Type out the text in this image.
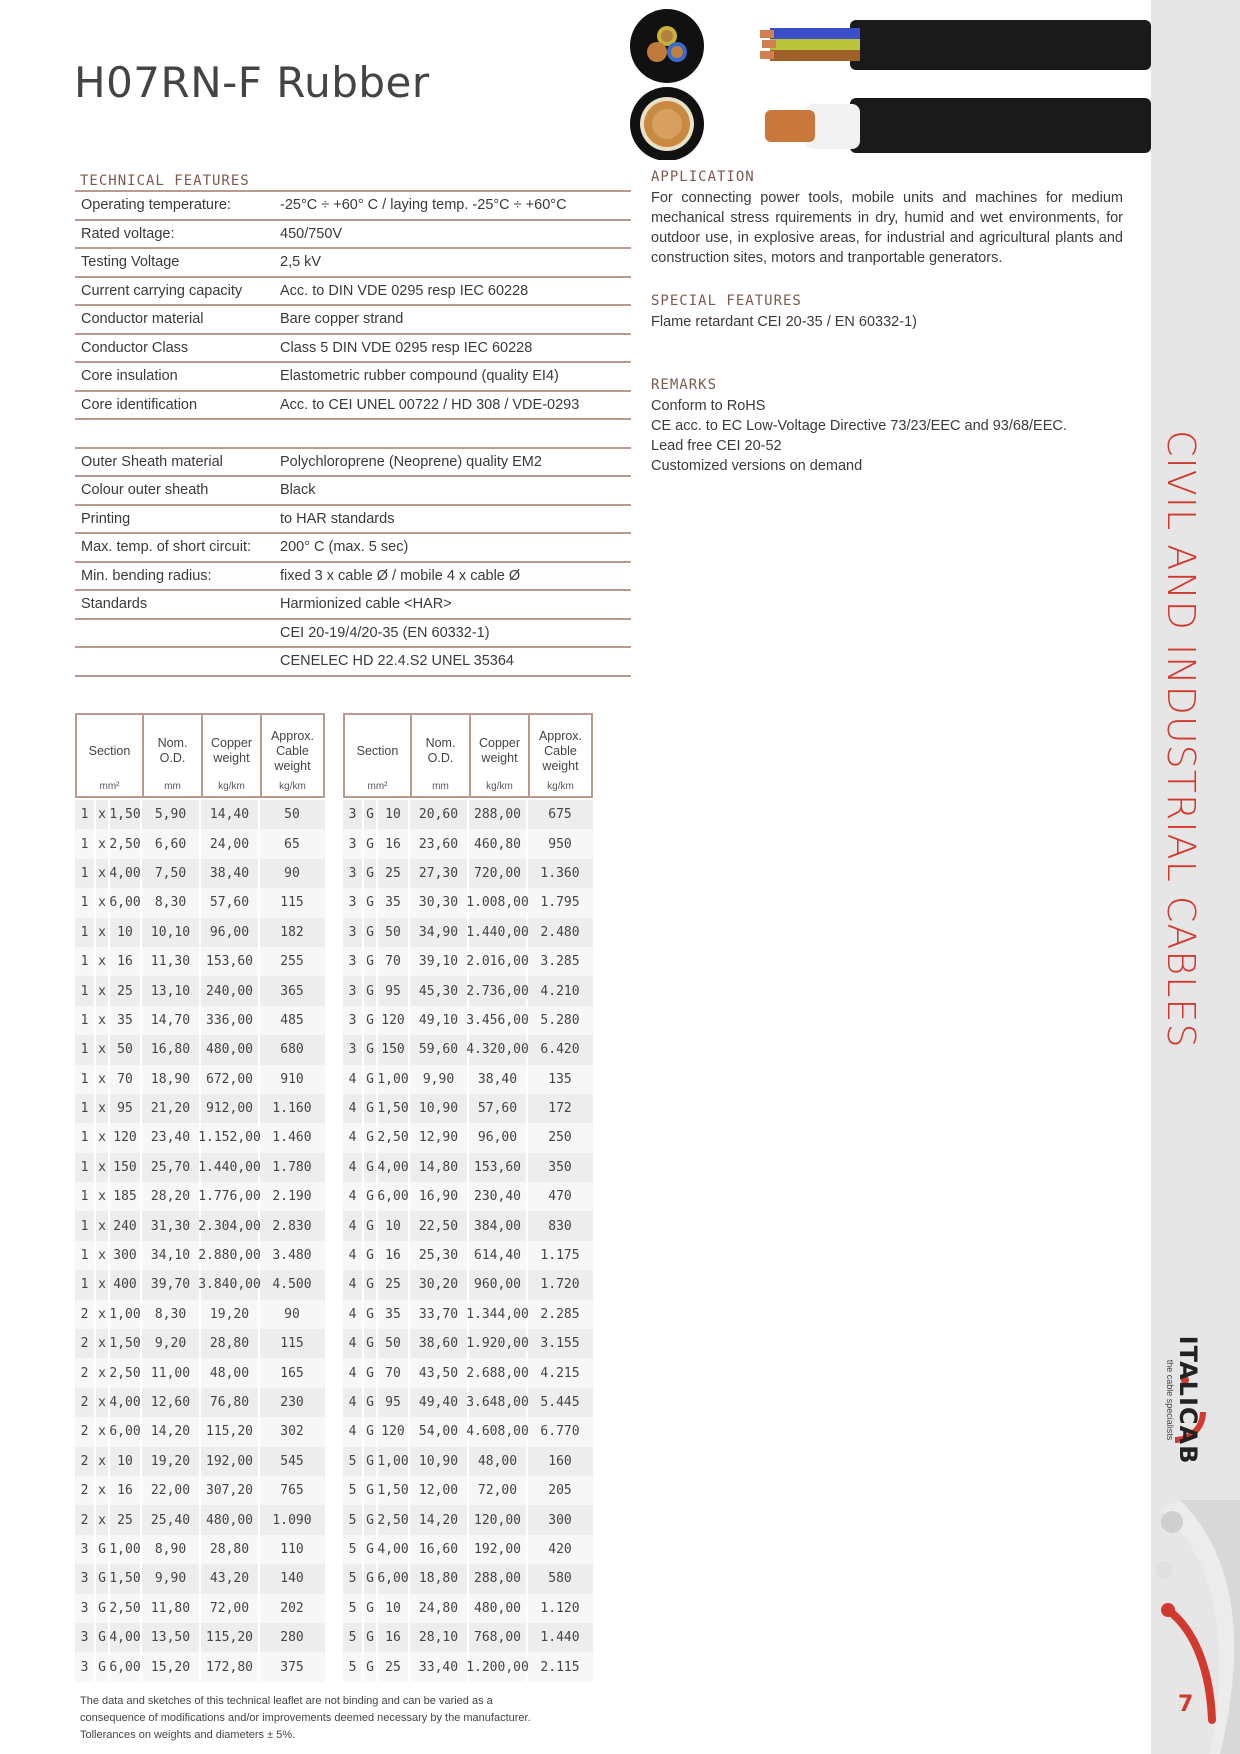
CIVIL AND INDUSTRIAL CABLES
ITALICAB
the cable specialists
7
H07RN-F Rubber
TECHNICAL FEATURES
Operating temperature:	-25°C ÷ +60° C / laying temp. -25°C ÷ +60°C
Rated voltage:	450/750V
Testing Voltage	2,5 kV
Current carrying capacity	Acc. to DIN VDE 0295 resp IEC 60228
Conductor material	Bare copper strand
Conductor Class	Class 5 DIN VDE 0295 resp IEC 60228
Core insulation	Elastometric rubber compound (quality EI4)
Core identification	Acc. to CEI UNEL 00722 / HD 308 / VDE-0293
Outer Sheath material	Polychloroprene (Neoprene) quality EM2
Colour outer sheath	Black
Printing	to HAR standards
Max. temp. of short circuit:	200° C (max. 5 sec)
Min. bending radius:	fixed 3 x cable Ø / mobile 4 x cable Ø
Standards	Harmionized cable <HAR>
CEI 20-19/4/20-35 (EN 60332-1)
CENELEC HD 22.4.S2 UNEL 35364
APPLICATION
For connecting power tools, mobile units and machines for medium mechanical stress rquirements in dry, humid and wet environments, for outdoor use, in explosive areas, for industrial and agricultural plants and construction sites, motors and tranportable generators.
SPECIAL FEATURES
Flame retardant CEI 20-35 / EN 60332-1)
REMARKS
Conform to RoHS
CE acc. to EC Low-Voltage Directive 73/23/EEC and 93/68/EEC.
Lead free CEI 20-52
Customized versions on demand
Section
mm²
Nom. O.D.
mm
Copper weight
kg/km
Approx. Cable weight
kg/km
1 x 1,50	5,90	14,40	50
1 x 2,50	6,60	24,00	65
1 x 4,00	7,50	38,40	90
1 x 6,00	8,30	57,60	115
1 x 10	10,10	96,00	182
1 x 16	11,30	153,60	255
1 x 25	13,10	240,00	365
1 x 35	14,70	336,00	485
1 x 50	16,80	480,00	680
1 x 70	18,90	672,00	910
1 x 95	21,20	912,00	1.160
1 x 120	23,40 1.152,00 1.460
1 x 150	25,70 1.440,00 1.780
1 x 185	28,20 1.776,00 2.190
1 x 240	31,30 2.304,00 2.830
1 x 300	34,10 2.880,00 3.480
1 x 400	39,70 3.840,00 4.500
2 x 1,00	8,30	19,20	90
2 x 1,50	9,20	28,80	115
2 x 2,50 11,00	48,00	165
2 x 4,00 12,60	76,80	230
2 x 6,00 14,20	115,20	302
2 x 10	19,20	192,00	545
2 x 16	22,00	307,20	765
2 x 25	25,40	480,00	1.090
3 G 1,00	8,90	28,80	110
3 G 1,50	9,90	43,20	140
3 G 2,50 11,80	72,00	202
3 G 4,00 13,50	115,20	280
3 G 6,00 15,20	172,80	375
Section
mm²
Nom. O.D.
mm
Copper weight
kg/km
Approx. Cable weight
kg/km
3 G 10	20,60	288,00	675
3 G 16	23,60	460,80	950
3 G 25	27,30	720,00	1.360
3 G 35	30,30 1.008,00 1.795
3 G 50	34,90 1.440,00 2.480
3 G 70	39,10 2.016,00 3.285
3 G 95	45,30 2.736,00 4.210
3 G 120	49,10 3.456,00 5.280
3 G 150	59,60 4.320,00 6.420
4 G 1,00	9,90	38,40	135
4 G 1,50 10,90	57,60	172
4 G 2,50 12,90	96,00	250
4 G 4,00 14,80	153,60	350
4 G 6,00 16,90	230,40	470
4 G 10	22,50	384,00	830
4 G 16	25,30	614,40	1.175
4 G 25	30,20	960,00	1.720
4 G 35	33,70 1.344,00 2.285
4 G 50	38,60 1.920,00 3.155
4 G 70	43,50 2.688,00 4.215
4 G 95	49,40 3.648,00 5.445
4 G 120	54,00 4.608,00 6.770
5 G 1,00 10,90	48,00	160
5 G 1,50 12,00	72,00	205
5 G 2,50 14,20	120,00	300
5 G 4,00 16,60	192,00	420
5 G 6,00 18,80	288,00	580
5 G 10	24,80	480,00	1.120
5 G 16	28,10	768,00	1.440
5 G 25	33,40 1.200,00 2.115
The data and sketches of this technical leaflet are not binding and can be varied as a consequence of modifications and/or improvements deemed necessary by the manufacturer. Tollerances on weights and diameters ± 5%.
